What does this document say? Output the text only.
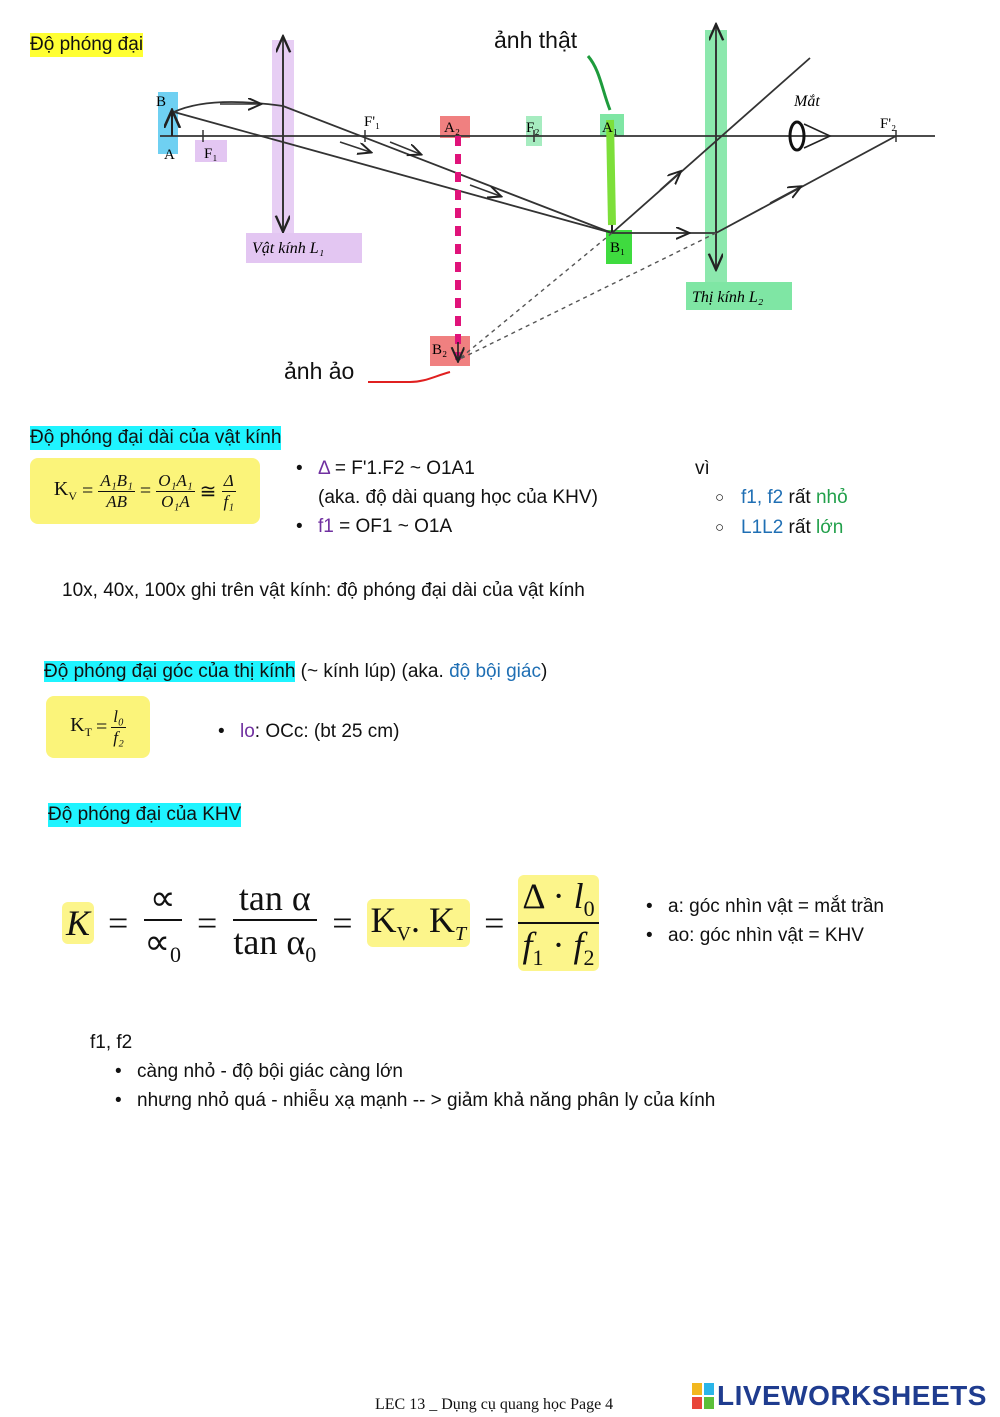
Độ phóng đại
B
A F₁
F'₁	A₂	F₂	A₁
B₁
B₂
F'₂
Mắt
Vật kính L₁
Thị kính L₂
ảnh thật
ảnh ảo
Độ phóng đại dài của vật kính
$K_V = \frac{\text{A₁B₁}}{AB} = \frac{\text{O₁A₁}}{\text{O₁A}}$ ≅ $\frac{\Delta}{\text{f₁}}$
• Δ = F'1.F2 ~ O1A1
(aka. độ dài quang học của KHV)
• f1 = OF1 ~ O1A
vì
○ f1, f2 rất nhỏ
○ L1L2 rất lớn
10x, 40x, 100x ghi trên vật kính: độ phóng đại dài của vật kính
Độ phóng đại góc của thị kính (~ kính lúp) (aka. độ bội giác)
$K_T = \frac{\text{l₀}}{\text{f₂}}$	• lo: OCc: (bt 25 cm)
Độ phóng đại của KHV
$K = \frac{\propto}{\propto_0} = \frac{\text{tan α}}{\tan \alpha_0} = K_V$. $K_T = \frac{\Delta \cdot l_0}{f_1 \cdot f_2}$	• a: góc nhìn vật = mắt trần
• ao: góc nhìn vật = KHV
f1, f2
• càng nhỏ - độ bội giác càng lớn
• nhưng nhỏ quá - nhiễu xạ mạnh -- > giảm khả năng phân ly của kính
LEC 13 _ Dụng cụ quang học Page 4	LIVEWORKSHEETS
